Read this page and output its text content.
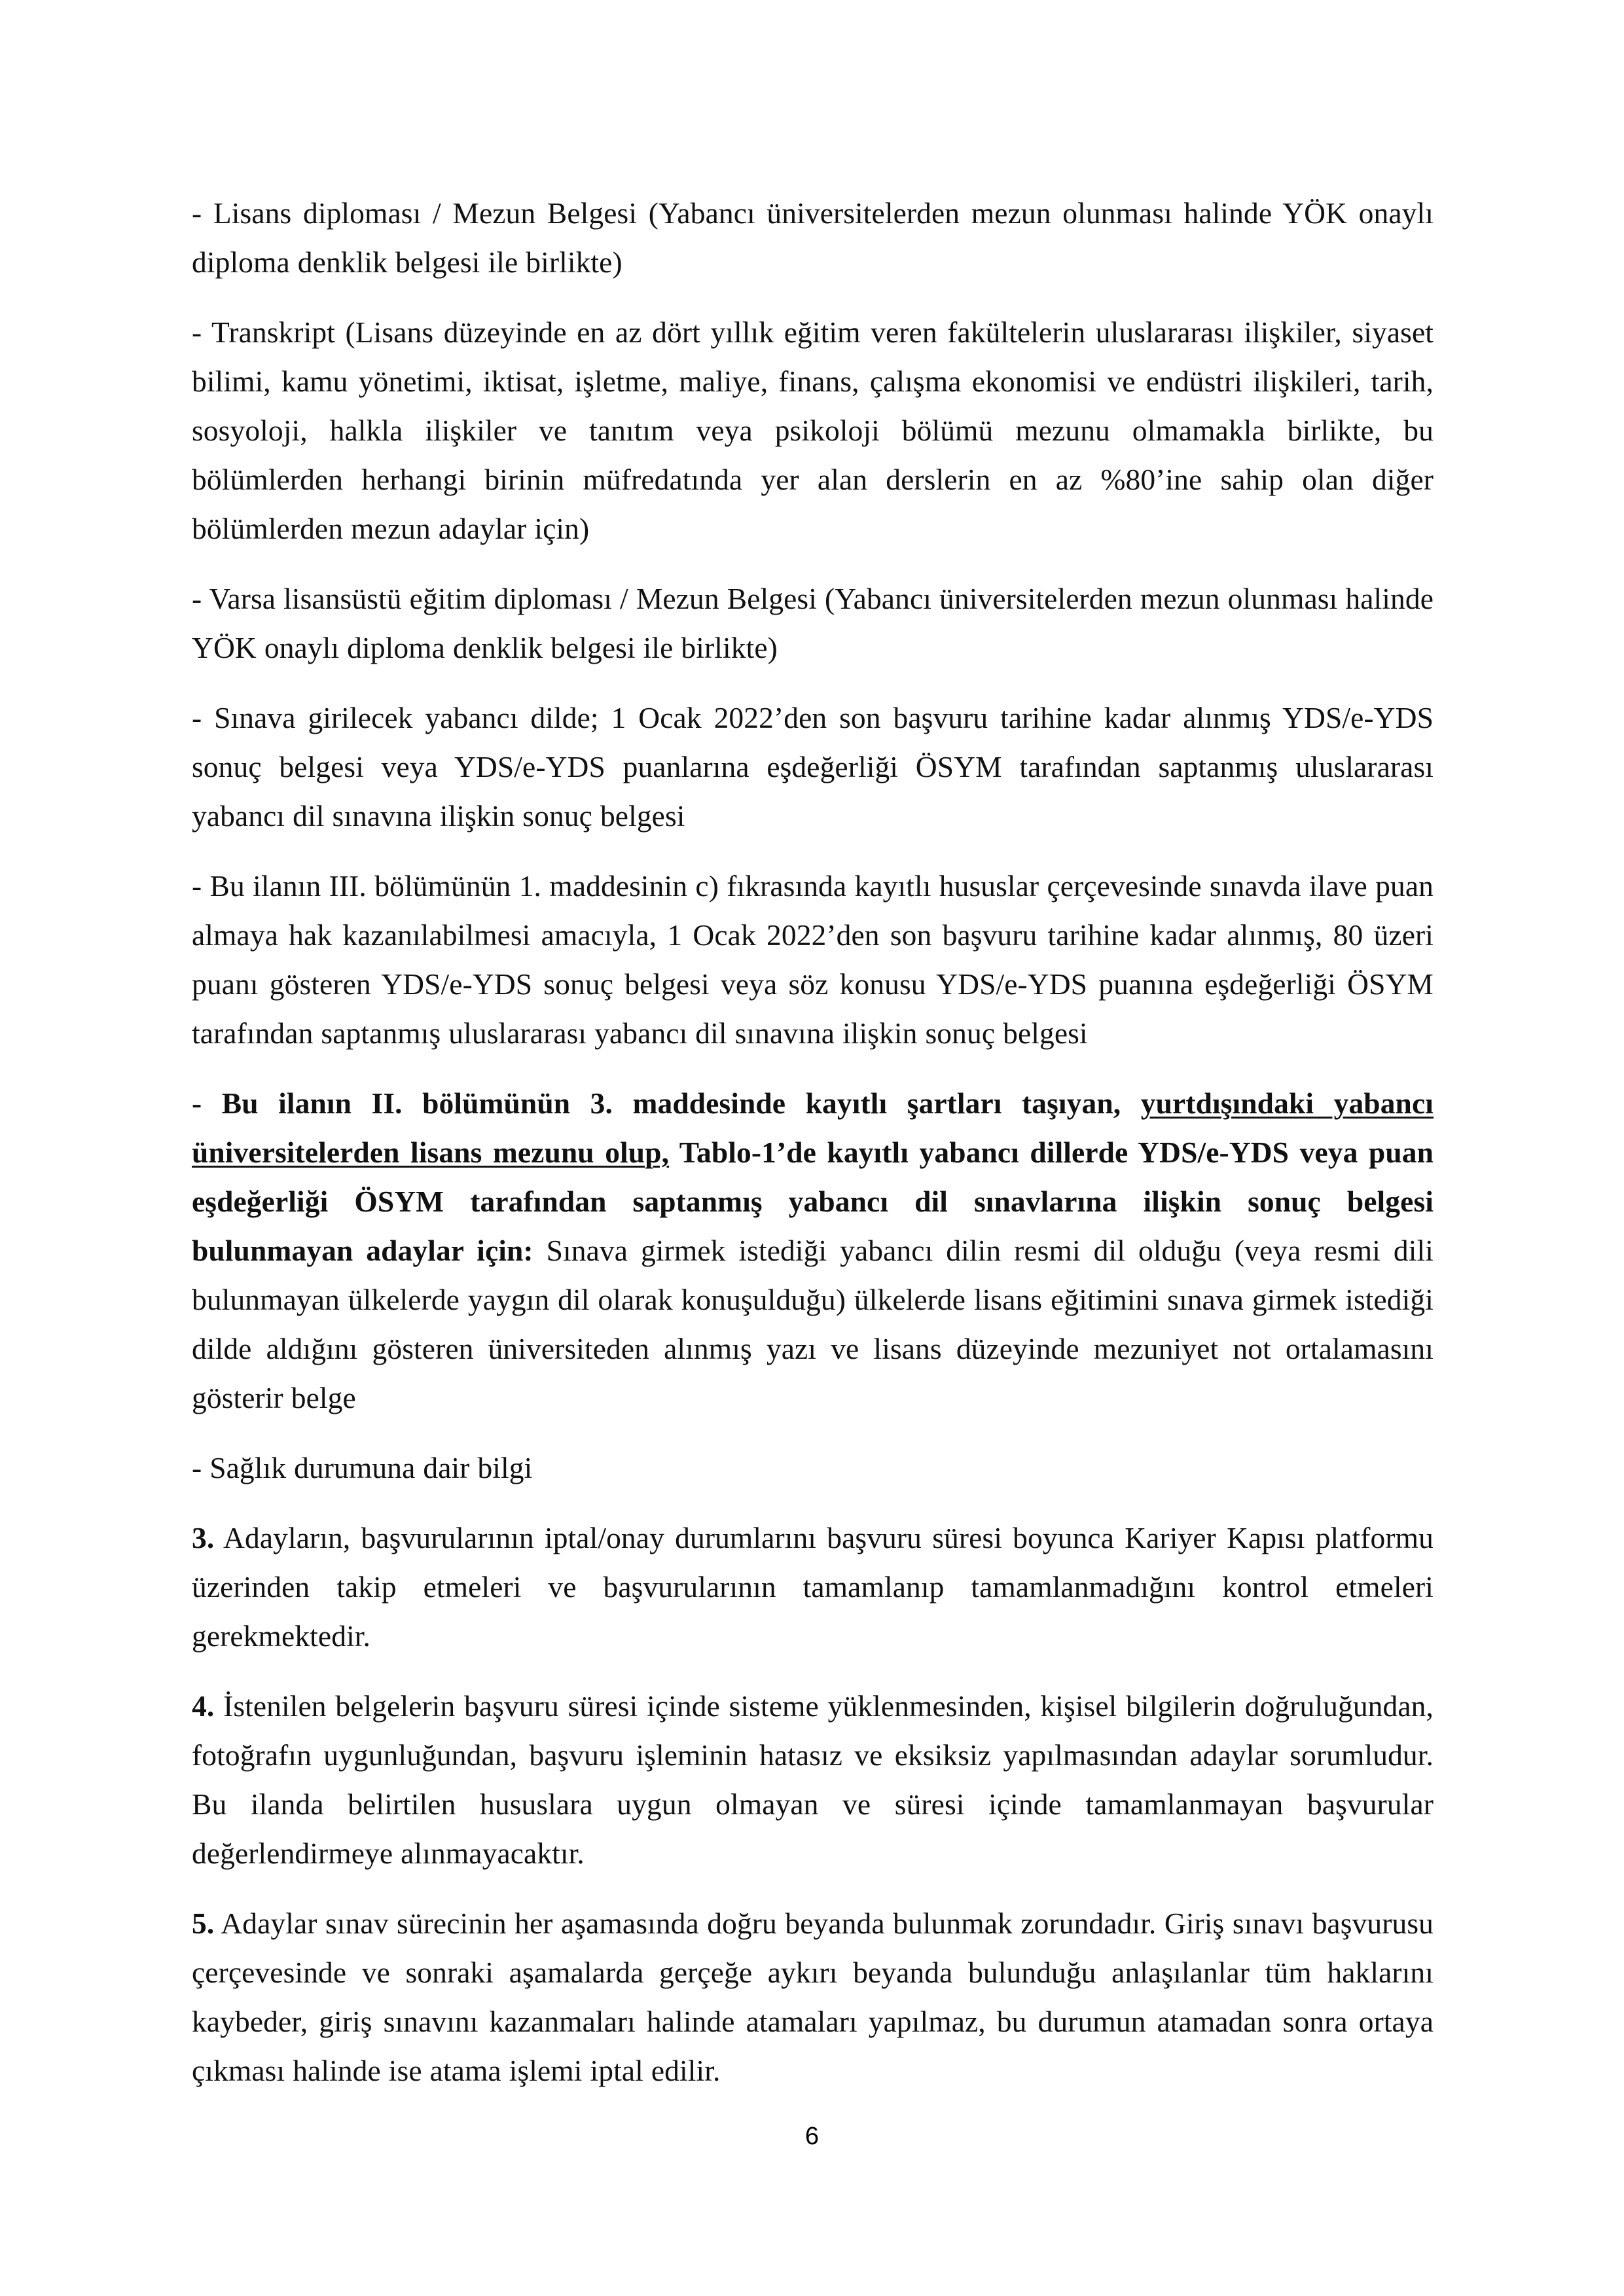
- Lisans diploması / Mezun Belgesi (Yabancı üniversitelerden mezun olunması halinde YÖK onaylı diploma denklik belgesi ile birlikte)

- Transkript (Lisans düzeyinde en az dört yıllık eğitim veren fakültelerin uluslararası ilişkiler, siyaset bilimi, kamu yönetimi, iktisat, işletme, maliye, finans, çalışma ekonomisi ve endüstri ilişkileri, tarih, sosyoloji, halkla ilişkiler ve tanıtım veya psikoloji bölümü mezunu olmamakla birlikte, bu bölümlerden herhangi birinin müfredatında yer alan derslerin en az %80’ine sahip olan diğer bölümlerden mezun adaylar için)

- Varsa lisansüstü eğitim diploması / Mezun Belgesi (Yabancı üniversitelerden mezun olunması halinde YÖK onaylı diploma denklik belgesi ile birlikte)

- Sınava girilecek yabancı dilde; 1 Ocak 2022’den son başvuru tarihine kadar alınmış YDS/e-YDS sonuç belgesi veya YDS/e-YDS puanlarına eşdeğerliği ÖSYM tarafından saptanmış uluslararası yabancı dil sınavına ilişkin sonuç belgesi

- Bu ilanın III. bölümünün 1. maddesinin c) fıkrasında kayıtlı hususlar çerçevesinde sınavda ilave puan almaya hak kazanılabilmesi amacıyla, 1 Ocak 2022’den son başvuru tarihine kadar alınmış, 80 üzeri puanı gösteren YDS/e-YDS sonuç belgesi veya söz konusu YDS/e-YDS puanına eşdeğerliği ÖSYM tarafından saptanmış uluslararası yabancı dil sınavına ilişkin sonuç belgesi

- Bu ilanın II. bölümünün 3. maddesinde kayıtlı şartları taşıyan, yurtdışındaki yabancı üniversitelerden lisans mezunu olup, Tablo-1’de kayıtlı yabancı dillerde YDS/e-YDS veya puan eşdeğerliği ÖSYM tarafından saptanmış yabancı dil sınavlarına ilişkin sonuç belgesi bulunmayan adaylar için: Sınava girmek istediği yabancı dilin resmi dil olduğu (veya resmi dili bulunmayan ülkelerde yaygın dil olarak konuşulduğu) ülkelerde lisans eğitimini sınava girmek istediği dilde aldığını gösteren üniversiteden alınmış yazı ve lisans düzeyinde mezuniyet not ortalamasını gösterir belge

- Sağlık durumuna dair bilgi

3. Adayların, başvurularının iptal/onay durumlarını başvuru süresi boyunca Kariyer Kapısı platformu üzerinden takip etmeleri ve başvurularının tamamlanıp tamamlanmadığını kontrol etmeleri gerekmektedir.

4. İstenilen belgelerin başvuru süresi içinde sisteme yüklenmesinden, kişisel bilgilerin doğruluğundan, fotoğrafın uygunluğundan, başvuru işleminin hatasız ve eksiksiz yapılmasından adaylar sorumludur. Bu ilanda belirtilen hususlara uygun olmayan ve süresi içinde tamamlanmayan başvurular değerlendirmeye alınmayacaktır.

5. Adaylar sınav sürecinin her aşamasında doğru beyanda bulunmak zorundadır. Giriş sınavı başvurusu çerçevesinde ve sonraki aşamalarda gerçeğe aykırı beyanda bulunduğu anlaşılanlar tüm haklarını kaybeder, giriş sınavını kazanmaları halinde atamaları yapılmaz, bu durumun atamadan sonra ortaya çıkması halinde ise atama işlemi iptal edilir.

6
